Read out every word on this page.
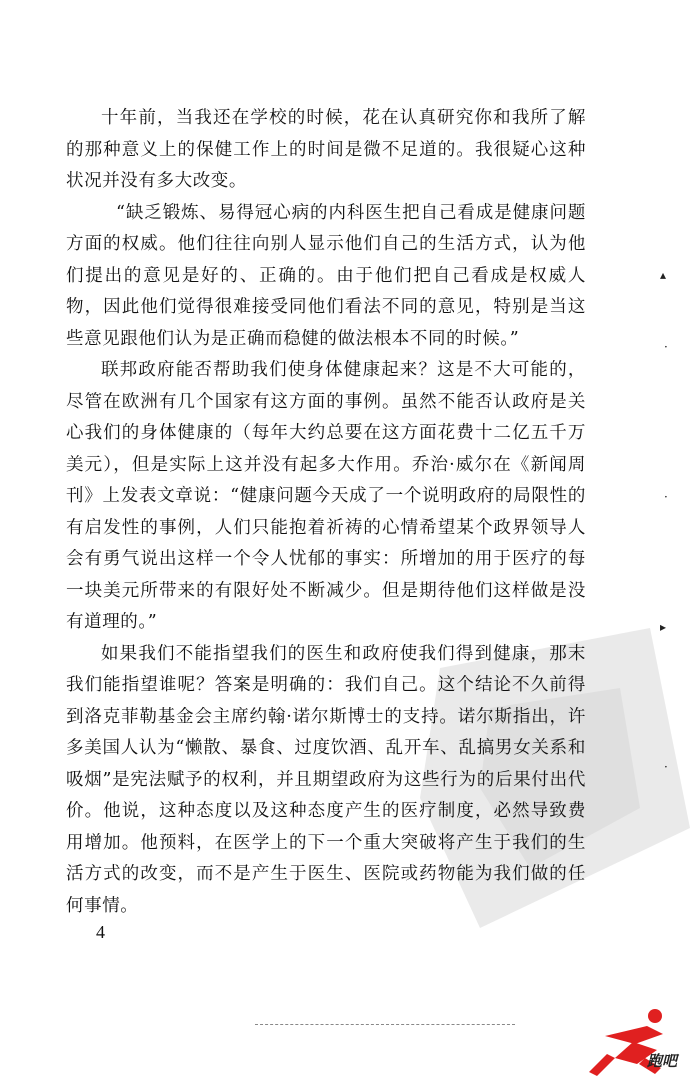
十年前，当我还在学校的时候，花在认真研究你和我所了解的那种意义上的保健工作上的时间是微不足道的。我很疑心这种状况并没有多大改变。

“缺乏锻炼、易得冠心病的内科医生把自己看成是健康问题方面的权威。他们往往向别人显示他们自己的生活方式，认为他们提出的意见是好的、正确的。由于他们把自己看成是权威人物，因此他们觉得很难接受同他们看法不同的意见，特别是当这些意见跟他们认为是正确而稳健的做法根本不同的时候。”

联邦政府能否帮助我们使身体健康起来？这是不大可能的，尽管在欧洲有几个国家有这方面的事例。虽然不能否认政府是关心我们的身体健康的（每年大约总要在这方面花费十二亿五千万美元），但是实际上这并没有起多大作用。乔治·威尔在《新闻周刊》上发表文章说：“健康问题今天成了一个说明政府的局限性的有启发性的事例，人们只能抱着祈祷的心情希望某个政界领导人会有勇气说出这样一个令人忧郁的事实：所增加的用于医疗的每一块美元所带来的有限好处不断减少。但是期待他们这样做是没有道理的。”

如果我们不能指望我们的医生和政府使我们得到健康，那末我们能指望谁呢？答案是明确的：我们自己。这个结论不久前得到洛克菲勒基金会主席约翰·诺尔斯博士的支持。诺尔斯指出，许多美国人认为“懒散、暴食、过度饮酒、乱开车、乱搞男女关系和吸烟”是宪法赋予的权利，并且期望政府为这些行为的后果付出代价。他说，这种态度以及这种态度产生的医疗制度，必然导致费用增加。他预料，在医学上的下一个重大突破将产生于我们的生活方式的改变，而不是产生于医生、医院或药物能为我们做的任何事情。

4
▴
·
·
▸
·
跑吧
